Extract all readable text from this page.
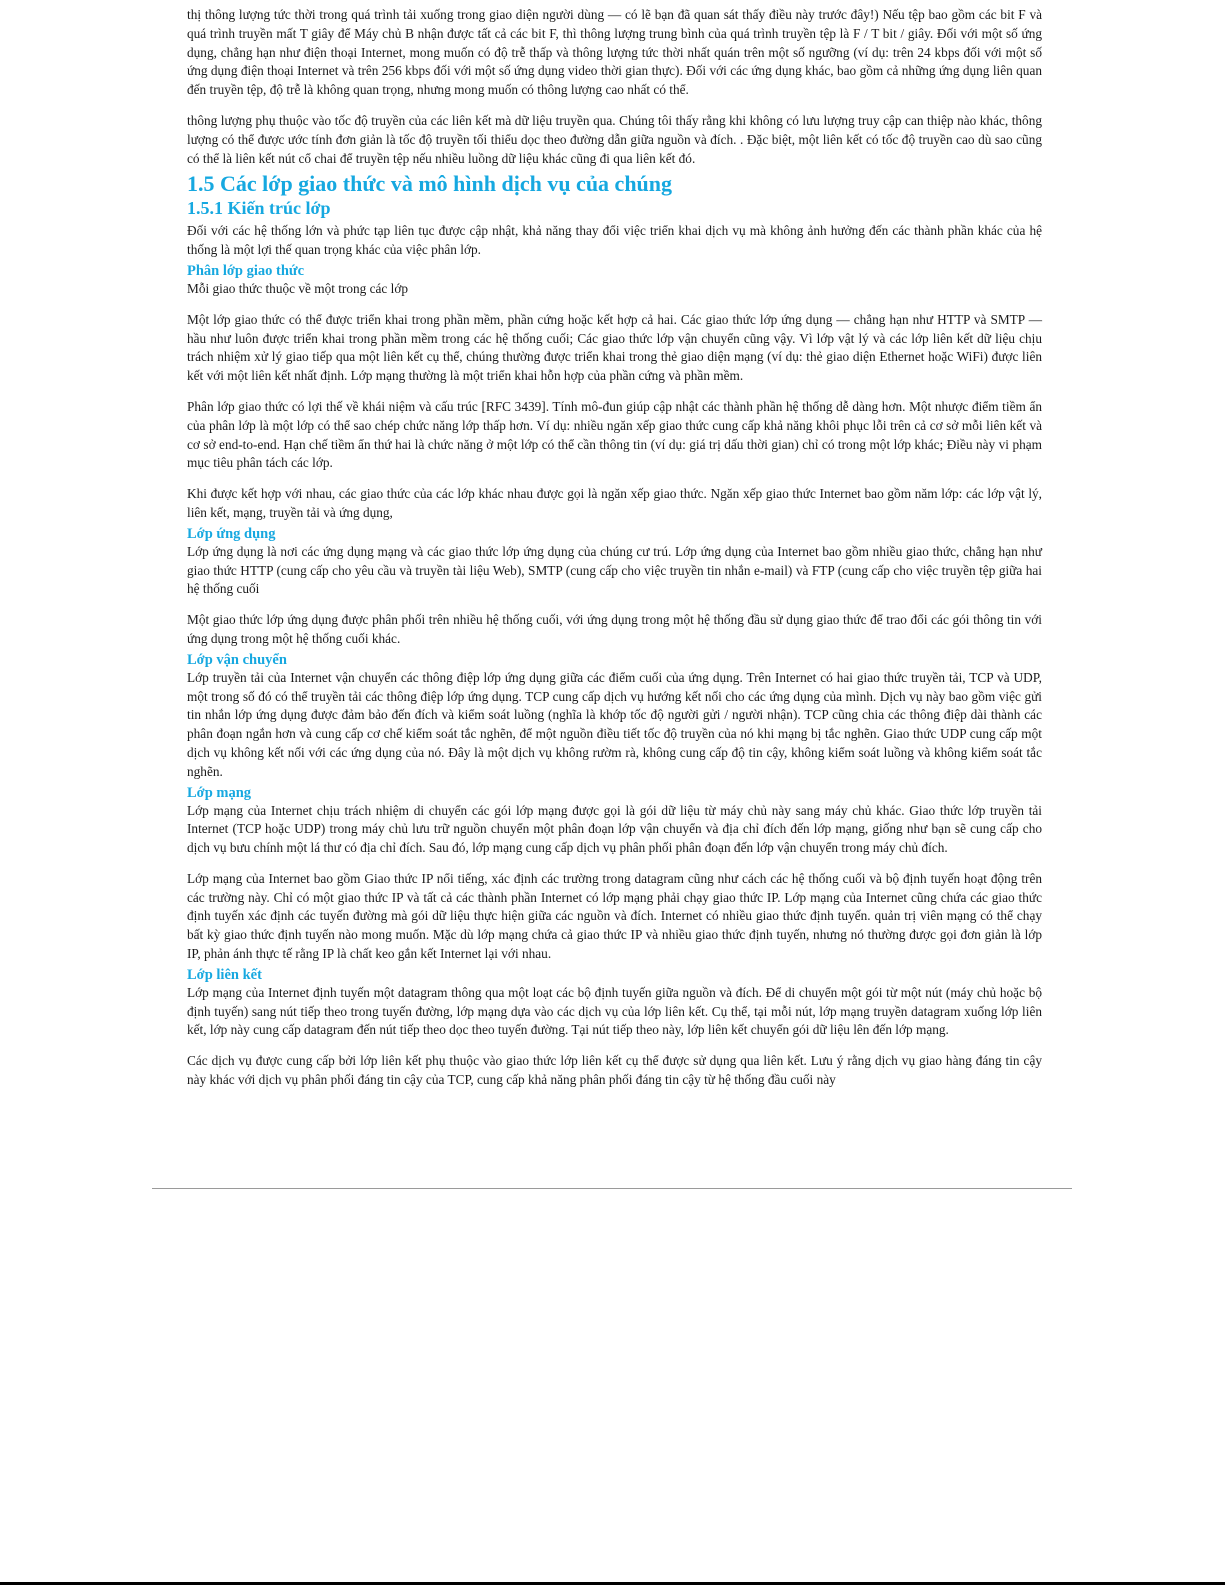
thị thông lượng tức thời trong quá trình tải xuống trong giao diện người dùng — có lẽ bạn đã quan sát thấy điều này trước đây!) Nếu tệp bao gồm các bit F và quá trình truyền mất T giây để Máy chủ B nhận được tất cả các bit F, thì thông lượng trung bình của quá trình truyền tệp là F / T bit / giây. Đối với một số ứng dụng, chẳng hạn như điện thoại Internet, mong muốn có độ trễ thấp và thông lượng tức thời nhất quán trên một số ngưỡng (ví dụ: trên 24 kbps đối với một số ứng dụng điện thoại Internet và trên 256 kbps đối với một số ứng dụng video thời gian thực). Đối với các ứng dụng khác, bao gồm cả những ứng dụng liên quan đến truyền tệp, độ trễ là không quan trọng, nhưng mong muốn có thông lượng cao nhất có thể.

thông lượng phụ thuộc vào tốc độ truyền của các liên kết mà dữ liệu truyền qua. Chúng tôi thấy rằng khi không có lưu lượng truy cập can thiệp nào khác, thông lượng có thể được ước tính đơn giản là tốc độ truyền tối thiểu dọc theo đường dẫn giữa nguồn và đích. . Đặc biệt, một liên kết có tốc độ truyền cao dù sao cũng có thể là liên kết nút cổ chai để truyền tệp nếu nhiều luồng dữ liệu khác cũng đi qua liên kết đó.

1.5 Các lớp giao thức và mô hình dịch vụ của chúng
1.5.1 Kiến trúc lớp

Đối với các hệ thống lớn và phức tạp liên tục được cập nhật, khả năng thay đổi việc triển khai dịch vụ mà không ảnh hưởng đến các thành phần khác của hệ thống là một lợi thế quan trọng khác của việc phân lớp.

Phân lớp giao thức

Mỗi giao thức thuộc về một trong các lớp

Một lớp giao thức có thể được triển khai trong phần mềm, phần cứng hoặc kết hợp cả hai. Các giao thức lớp ứng dụng — chẳng hạn như HTTP và SMTP — hầu như luôn được triển khai trong phần mềm trong các hệ thống cuối; Các giao thức lớp vận chuyển cũng vậy. Vì lớp vật lý và các lớp liên kết dữ liệu chịu trách nhiệm xử lý giao tiếp qua một liên kết cụ thể, chúng thường được triển khai trong thẻ giao diện mạng (ví dụ: thẻ giao diện Ethernet hoặc WiFi) được liên kết với một liên kết nhất định. Lớp mạng thường là một triển khai hỗn hợp của phần cứng và phần mềm.

Phân lớp giao thức có lợi thế về khái niệm và cấu trúc [RFC 3439]. Tính mô-đun giúp cập nhật các thành phần hệ thống dễ dàng hơn. Một nhược điểm tiềm ẩn của phân lớp là một lớp có thể sao chép chức năng lớp thấp hơn. Ví dụ: nhiều ngăn xếp giao thức cung cấp khả năng khôi phục lỗi trên cả cơ sở mỗi liên kết và cơ sở end-to-end. Hạn chế tiềm ẩn thứ hai là chức năng ở một lớp có thể cần thông tin (ví dụ: giá trị dấu thời gian) chỉ có trong một lớp khác; Điều này vi phạm mục tiêu phân tách các lớp.

Khi được kết hợp với nhau, các giao thức của các lớp khác nhau được gọi là ngăn xếp giao thức. Ngăn xếp giao thức Internet bao gồm năm lớp: các lớp vật lý, liên kết, mạng, truyền tải và ứng dụng,

Lớp ứng dụng

Lớp ứng dụng là nơi các ứng dụng mạng và các giao thức lớp ứng dụng của chúng cư trú. Lớp ứng dụng của Internet bao gồm nhiều giao thức, chẳng hạn như giao thức HTTP (cung cấp cho yêu cầu và truyền tài liệu Web), SMTP (cung cấp cho việc truyền tin nhắn e-mail) và FTP (cung cấp cho việc truyền tệp giữa hai hệ thống cuối

Một giao thức lớp ứng dụng được phân phối trên nhiều hệ thống cuối, với ứng dụng trong một hệ thống đầu sử dụng giao thức để trao đổi các gói thông tin với ứng dụng trong một hệ thống cuối khác.

Lớp vận chuyển

Lớp truyền tải của Internet vận chuyển các thông điệp lớp ứng dụng giữa các điểm cuối của ứng dụng. Trên Internet có hai giao thức truyền tải, TCP và UDP, một trong số đó có thể truyền tải các thông điệp lớp ứng dụng. TCP cung cấp dịch vụ hướng kết nối cho các ứng dụng của mình. Dịch vụ này bao gồm việc gửi tin nhắn lớp ứng dụng được đảm bảo đến đích và kiểm soát luồng (nghĩa là khớp tốc độ người gửi / người nhận). TCP cũng chia các thông điệp dài thành các phân đoạn ngắn hơn và cung cấp cơ chế kiểm soát tắc nghẽn, để một nguồn điều tiết tốc độ truyền của nó khi mạng bị tắc nghẽn. Giao thức UDP cung cấp một dịch vụ không kết nối với các ứng dụng của nó. Đây là một dịch vụ không rườm rà, không cung cấp độ tin cậy, không kiểm soát luồng và không kiểm soát tắc nghẽn.

Lớp mạng

Lớp mạng của Internet chịu trách nhiệm di chuyển các gói lớp mạng được gọi là gói dữ liệu từ máy chủ này sang máy chủ khác. Giao thức lớp truyền tải Internet (TCP hoặc UDP) trong máy chủ lưu trữ nguồn chuyển một phân đoạn lớp vận chuyển và địa chỉ đích đến lớp mạng, giống như bạn sẽ cung cấp cho dịch vụ bưu chính một lá thư có địa chỉ đích. Sau đó, lớp mạng cung cấp dịch vụ phân phối phân đoạn đến lớp vận chuyển trong máy chủ đích.

Lớp mạng của Internet bao gồm Giao thức IP nổi tiếng, xác định các trường trong datagram cũng như cách các hệ thống cuối và bộ định tuyến hoạt động trên các trường này. Chỉ có một giao thức IP và tất cả các thành phần Internet có lớp mạng phải chạy giao thức IP. Lớp mạng của Internet cũng chứa các giao thức định tuyến xác định các tuyến đường mà gói dữ liệu thực hiện giữa các nguồn và đích. Internet có nhiều giao thức định tuyến. quản trị viên mạng có thể chạy bất kỳ giao thức định tuyến nào mong muốn. Mặc dù lớp mạng chứa cả giao thức IP và nhiều giao thức định tuyến, nhưng nó thường được gọi đơn giản là lớp IP, phản ánh thực tế rằng IP là chất keo gắn kết Internet lại với nhau.

Lớp liên kết

Lớp mạng của Internet định tuyến một datagram thông qua một loạt các bộ định tuyến giữa nguồn và đích. Để di chuyển một gói từ một nút (máy chủ hoặc bộ định tuyến) sang nút tiếp theo trong tuyến đường, lớp mạng dựa vào các dịch vụ của lớp liên kết. Cụ thể, tại mỗi nút, lớp mạng truyền datagram xuống lớp liên kết, lớp này cung cấp datagram đến nút tiếp theo dọc theo tuyến đường. Tại nút tiếp theo này, lớp liên kết chuyển gói dữ liệu lên đến lớp mạng.

Các dịch vụ được cung cấp bởi lớp liên kết phụ thuộc vào giao thức lớp liên kết cụ thể được sử dụng qua liên kết. Lưu ý rằng dịch vụ giao hàng đáng tin cậy này khác với dịch vụ phân phối đáng tin cậy của TCP, cung cấp khả năng phân phối đáng tin cậy từ hệ thống đầu cuối này
